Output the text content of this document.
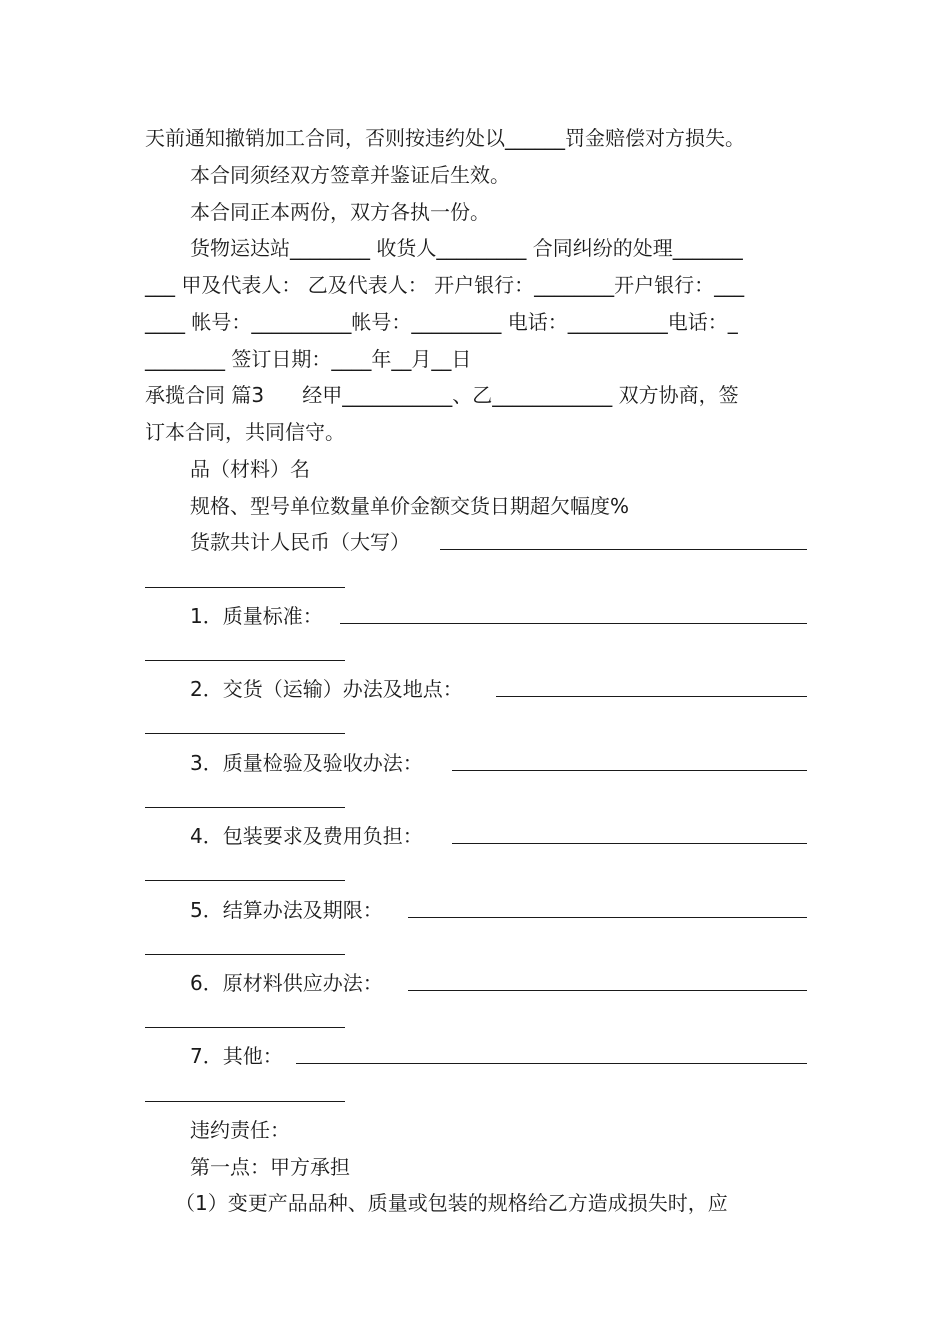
天前通知撤销加工合同，否则按违约处以______罚金赔偿对方损失。
本合同须经双方签章并鉴证后生效。
本合同正本两份，双方各执一份。
货物运达站________ 收货人_________ 合同纠纷的处理_______
___ 甲及代表人： 乙及代表人： 开户银行：________开户银行：___
____ 帐号：__________帐号：_________ 电话：__________电话：_
________ 签订日期：____年__月__日
承揽合同 篇3      经甲___________、乙____________ 双方协商，签
订本合同，共同信守。
品（材料）名
规格、型号单位数量单价金额交货日期超欠幅度%
货款共计人民币（大写）
1．质量标准：
2．交货（运输）办法及地点：
3．质量检验及验收办法：
4．包装要求及费用负担：
5．结算办法及期限：
6．原材料供应办法：
7．其他：
违约责任：
第一点：甲方承担
（1）变更产品品种、质量或包装的规格给乙方造成损失时，应
